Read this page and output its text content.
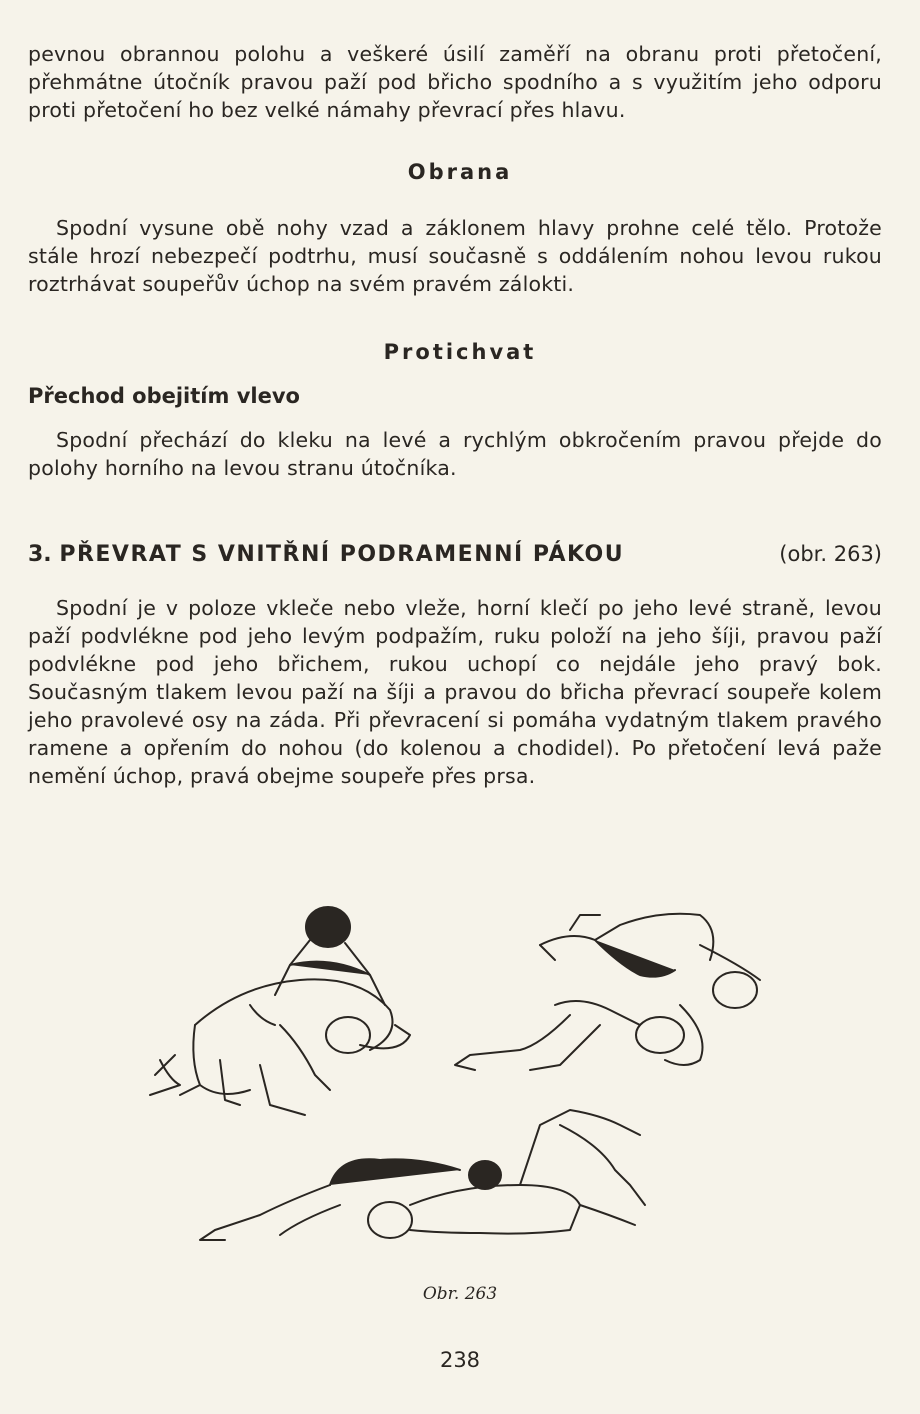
pevnou obrannou polohu a veškeré úsilí zaměří na obranu proti přetočení, přehmátne útočník pravou paží pod břicho spodního a s využitím jeho odporu proti přetočení ho bez velké námahy převrací přes hlavu.

Obrana

Spodní vysune obě nohy vzad a záklonem hlavy prohne celé tělo. Protože stále hrozí nebezpečí podtrhu, musí současně s oddálením nohou levou rukou roztrhávat soupeřův úchop na svém pravém zálokti.

Protichvat
Přechod obejitím vlevo

Spodní přechází do kleku na levé a rychlým obkročením pravou přejde do polohy horního na levou stranu útočníka.

3. PŘEVRAT S VNITŘNÍ PODRAMENNÍ PÁKOU	(obr. 263)

Spodní je v poloze vkleče nebo vleže, horní klečí po jeho levé straně, levou paží podvlékne pod jeho levým podpažím, ruku položí na jeho šíji, pravou paží podvlékne pod jeho břichem, rukou uchopí co nejdále jeho pravý bok. Současným tlakem levou paží na šíji a pravou do břicha převrací soupeře kolem jeho pravolevé osy na záda. Při převracení si pomáha vydatným tlakem pravého ramene a opřením do nohou (do kolenou a chodidel). Po přetočení levá paže nemění úchop, pravá obejme soupeře přes prsa.

Obr. 263

238
